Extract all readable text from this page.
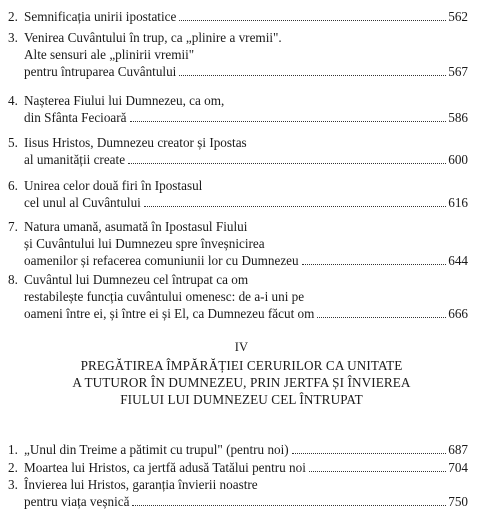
2. Semnificația unirii ipostatice	562
3. Venirea Cuvântului în trup, ca „plinire a vremii".
Alte sensuri ale „plinirii vremii"
pentru întruparea Cuvântului	567
4. Nașterea Fiului lui Dumnezeu, ca om,
din Sfânta Fecioară	586
5. Iisus Hristos, Dumnezeu creator și Ipostas
al umanității create	600
6. Unirea celor două firi în Ipostasul
cel unul al Cuvântului	616
7. Natura umană, asumată în Ipostasul Fiului
și Cuvântului lui Dumnezeu spre înveșnicirea
oamenilor și refacerea comuniunii lor cu Dumnezeu	644
8. Cuvântul lui Dumnezeu cel întrupat ca om
restabilește funcția cuvântului omenesc: de a-i uni pe
oameni între ei, și între ei și El, ca Dumnezeu făcut om	666
IV
PREGĂTIREA ÎMPĂRĂȚIEI CERURILOR CA UNITATE
A TUTUROR ÎN DUMNEZEU, PRIN JERTFA ȘI ÎNVIEREA
FIULUI LUI DUMNEZEU CEL ÎNTRUPAT
1. „Unul din Treime a pătimit cu trupul" (pentru noi)	687
2. Moartea lui Hristos, ca jertfă adusă Tatălui pentru noi	704
3. Învierea lui Hristos, garanția învierii noastre
pentru viața veșnică	750
